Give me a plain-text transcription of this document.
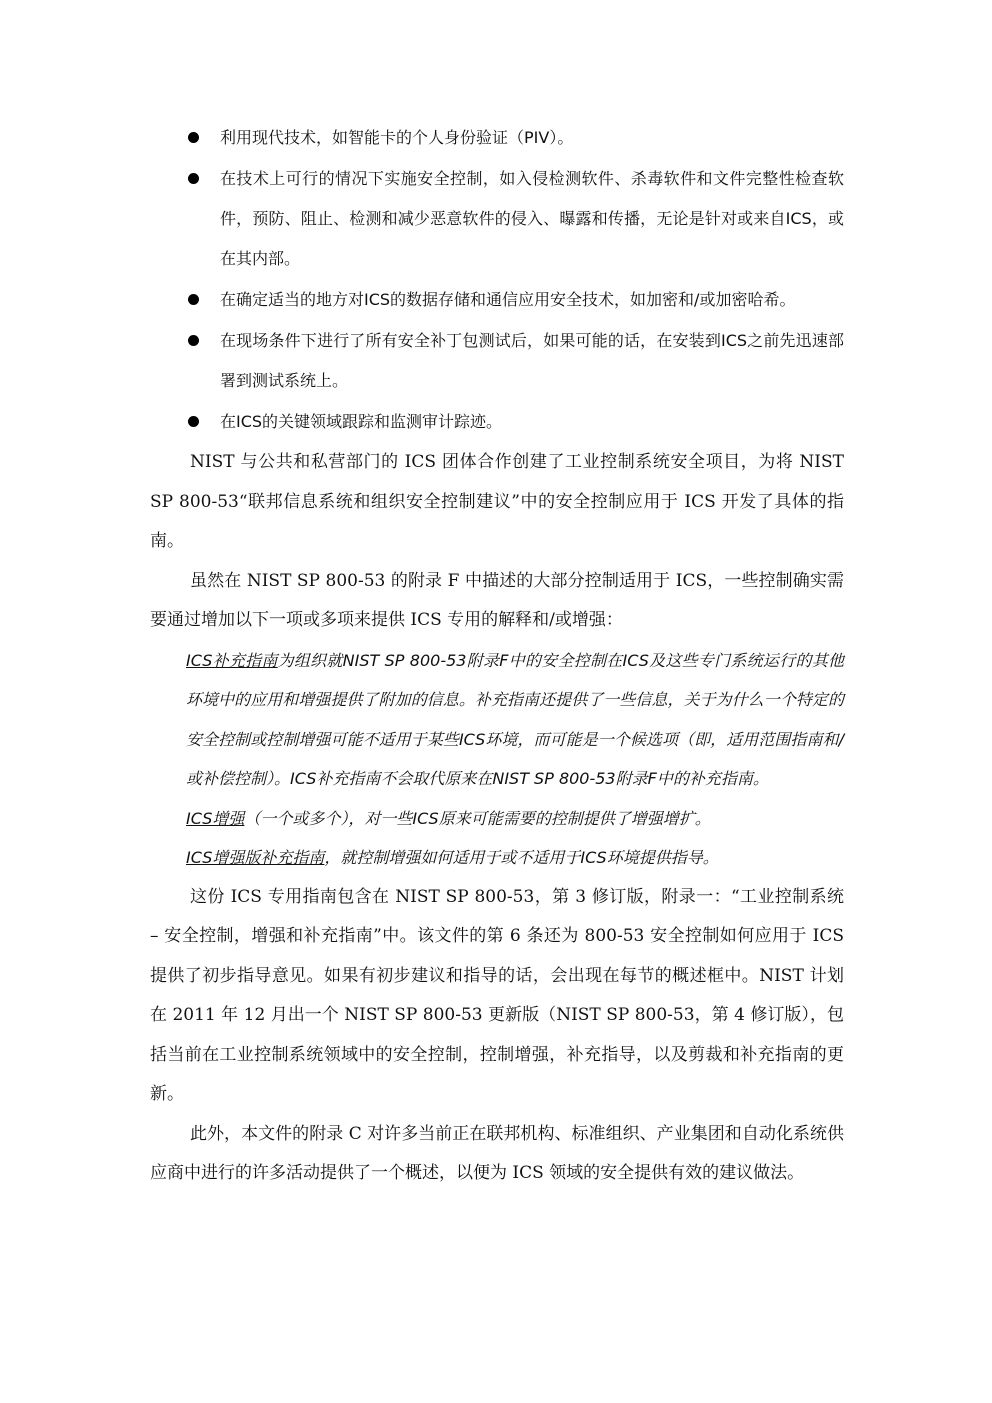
利用现代技术，如智能卡的个人身份验证（PIV）。
在技术上可行的情况下实施安全控制，如入侵检测软件、杀毒软件和文件完整性检查软件，预防、阻止、检测和减少恶意软件的侵入、曝露和传播，无论是针对或来自ICS，或在其内部。
在确定适当的地方对ICS的数据存储和通信应用安全技术，如加密和/或加密哈希。
在现场条件下进行了所有安全补丁包测试后，如果可能的话，在安装到ICS之前先迅速部署到测试系统上。
在ICS的关键领域跟踪和监测审计踪迹。

NIST 与公共和私营部门的 ICS 团体合作创建了工业控制系统安全项目，为将 NIST SP 800-53“联邦信息系统和组织安全控制建议”中的安全控制应用于 ICS 开发了具体的指南。

虽然在 NIST SP 800-53 的附录 F 中描述的大部分控制适用于 ICS，一些控制确实需要通过增加以下一项或多项来提供 ICS 专用的解释和/或增强：

ICS补充指南为组织就NIST SP 800-53附录F中的安全控制在ICS及这些专门系统运行的其他环境中的应用和增强提供了附加的信息。补充指南还提供了一些信息，关于为什么一个特定的安全控制或控制增强可能不适用于某些ICS环境，而可能是一个候选项（即，适用范围指南和/或补偿控制）。ICS补充指南不会取代原来在NIST SP 800-53附录F中的补充指南。

ICS增强（一个或多个），对一些ICS原来可能需要的控制提供了增强增扩。

ICS增强版补充指南，就控制增强如何适用于或不适用于ICS环境提供指导。

这份 ICS 专用指南包含在 NIST SP 800-53，第 3 修订版，附录一：“工业控制系统 – 安全控制，增强和补充指南”中。该文件的第 6 条还为 800-53 安全控制如何应用于 ICS 提供了初步指导意见。如果有初步建议和指导的话，会出现在每节的概述框中。NIST 计划在 2011 年 12 月出一个 NIST SP 800-53 更新版（NIST SP 800-53，第 4 修订版），包括当前在工业控制系统领域中的安全控制，控制增强，补充指导，以及剪裁和补充指南的更新。

此外，本文件的附录 C 对许多当前正在联邦机构、标准组织、产业集团和自动化系统供应商中进行的许多活动提供了一个概述，以便为 ICS 领域的安全提供有效的建议做法。
